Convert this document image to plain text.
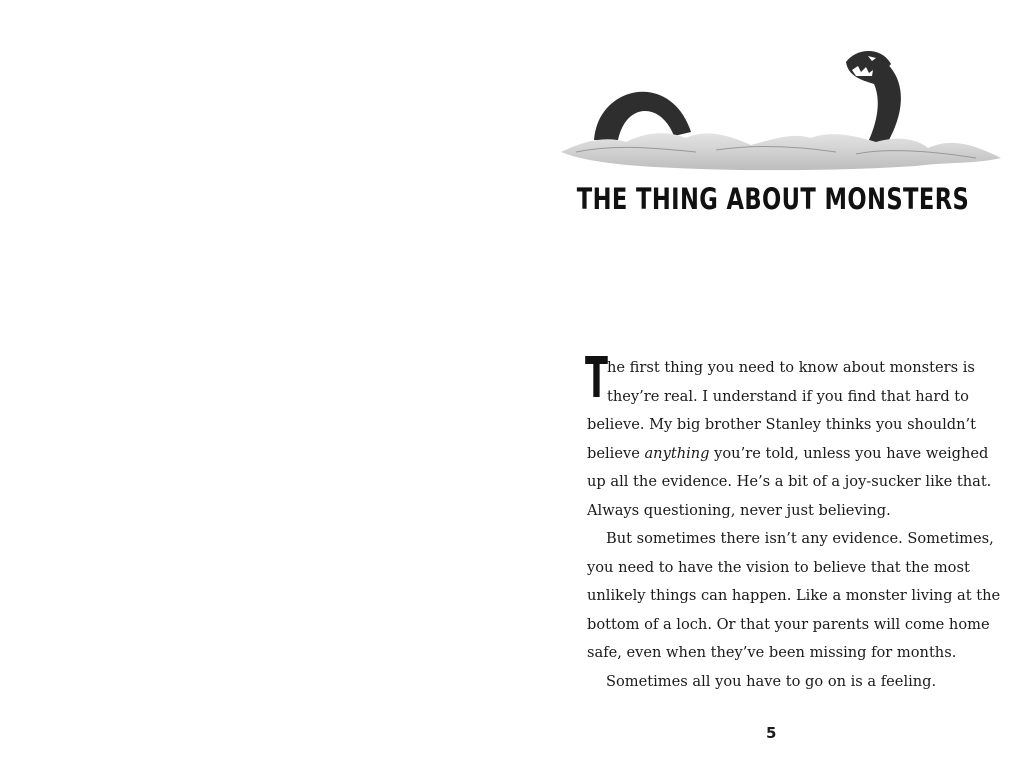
THE THING ABOUT MONSTERS
T he first thing you need to know about monsters is
they’re real. I understand if you find that hard to
believe. My big brother Stanley thinks you shouldn’t
believe anything you’re told, unless you have weighed
up all the evidence. He’s a bit of a joy-sucker like that.
Always questioning, never just believing.
But sometimes there isn’t any evidence. Sometimes,
you need to have the vision to believe that the most
unlikely things can happen. Like a monster living at the
bottom of a loch. Or that your parents will come home
safe, even when they’ve been missing for months.
Sometimes all you have to go on is a feeling.
5
